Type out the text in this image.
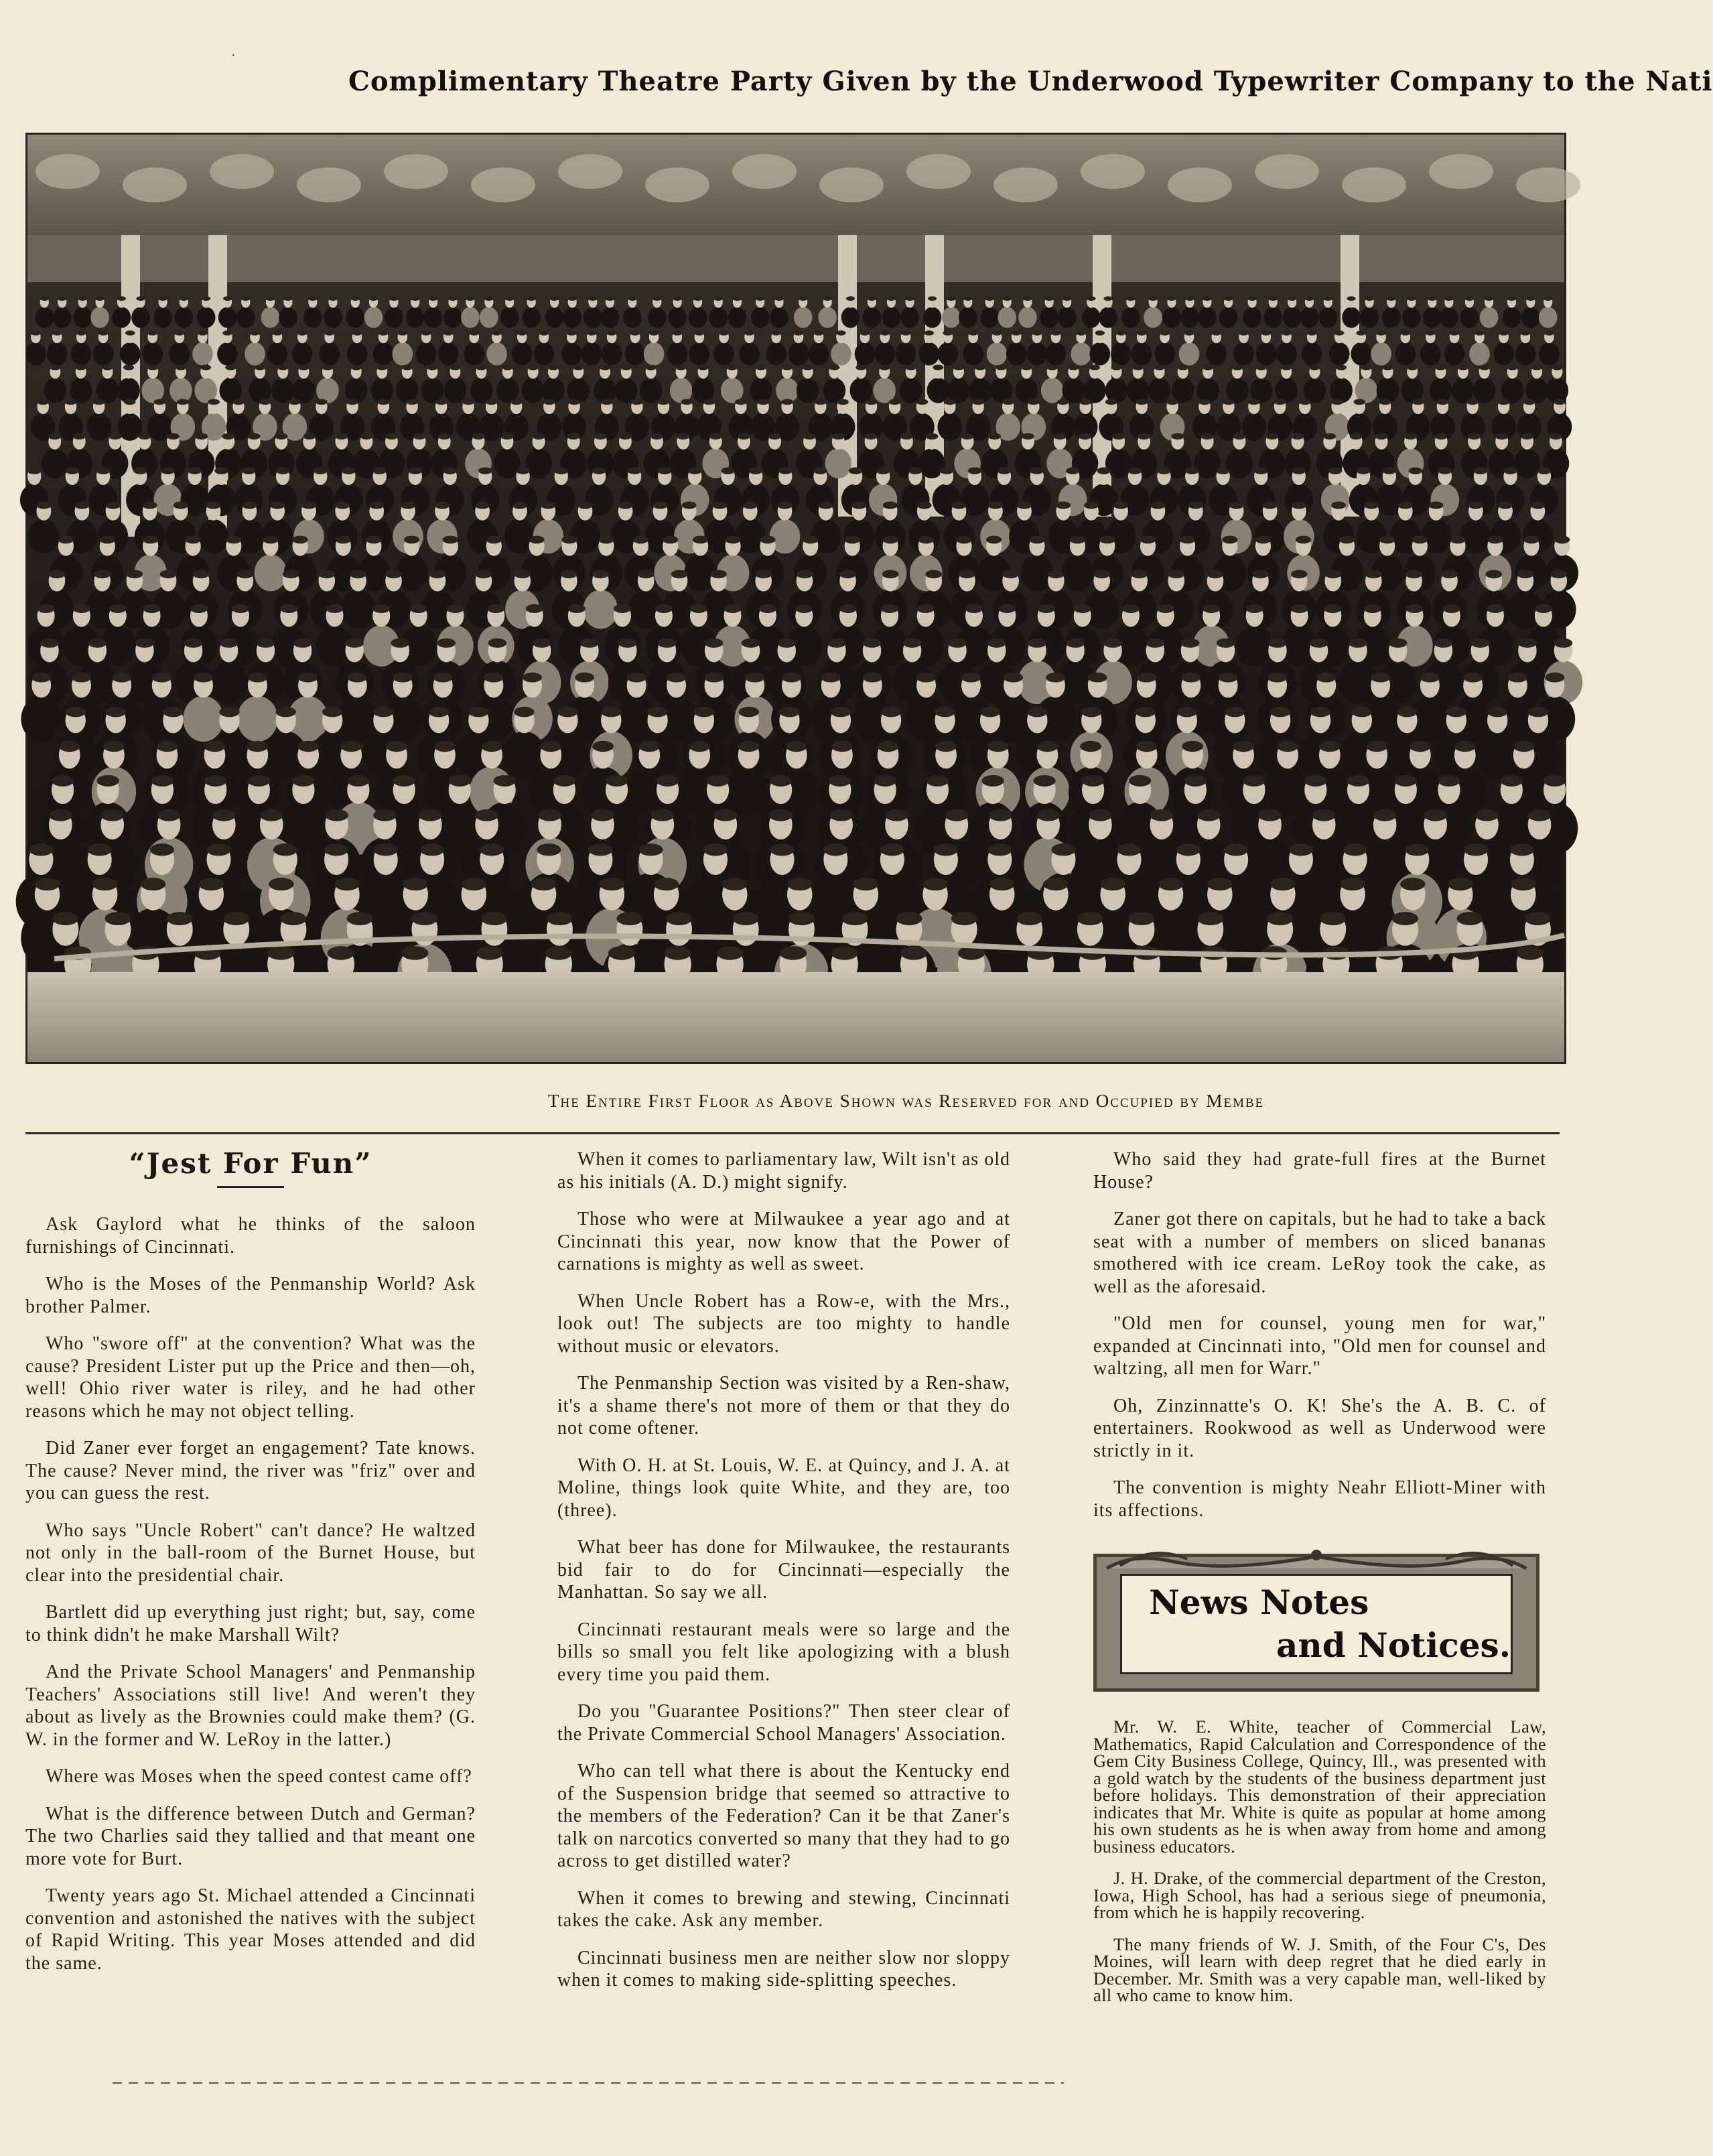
·
Complimentary Theatre Party Given by the Underwood Typewriter Company to the Nati
The Entire First Floor as Above Shown was Reserved for and Occupied by Membe
“Jest For Fun”

Ask Gaylord what he thinks of the saloon furnishings of Cincinnati.

Who is the Moses of the Penmanship World? Ask brother Palmer.

Who "swore off" at the convention? What was the cause? President Lister put up the Price and then—oh, well! Ohio river water is riley, and he had other reasons which he may not object telling.

Did Zaner ever forget an engagement? Tate knows. The cause? Never mind, the river was "friz" over and you can guess the rest.

Who says "Uncle Robert" can't dance? He waltzed not only in the ball-room of the Burnet House, but clear into the presidential chair.

Bartlett did up everything just right; but, say, come to think didn't he make Marshall Wilt?

And the Private School Managers' and Penmanship Teachers' Associations still live! And weren't they about as lively as the Brownies could make them? (G. W. in the former and W. LeRoy in the latter.)

Where was Moses when the speed contest came off?

What is the difference between Dutch and German? The two Charlies said they tallied and that meant one more vote for Burt.

Twenty years ago St. Michael attended a Cincinnati convention and astonished the natives with the subject of Rapid Writing. This year Moses attended and did the same.

When it comes to parliamentary law, Wilt isn't as old as his initials (A. D.) might signify.

Those who were at Milwaukee a year ago and at Cincinnati this year, now know that the Power of carnations is mighty as well as sweet.

When Uncle Robert has a Row-e, with the Mrs., look out! The subjects are too mighty to handle without music or elevators.

The Penmanship Section was visited by a Ren-shaw, it's a shame there's not more of them or that they do not come oftener.

With O. H. at St. Louis, W. E. at Quincy, and J. A. at Moline, things look quite White, and they are, too (three).

What beer has done for Milwaukee, the restaurants bid fair to do for Cincinnati—especially the Manhattan. So say we all.

Cincinnati restaurant meals were so large and the bills so small you felt like apologizing with a blush every time you paid them.

Do you "Guarantee Positions?" Then steer clear of the Private Commercial School Managers' Association.

Who can tell what there is about the Kentucky end of the Suspension bridge that seemed so attractive to the members of the Federation? Can it be that Zaner's talk on narcotics converted so many that they had to go across to get distilled water?

When it comes to brewing and stewing, Cincinnati takes the cake. Ask any member.

Cincinnati business men are neither slow nor sloppy when it comes to making side-splitting speeches.

Who said they had grate-full fires at the Burnet House?

Zaner got there on capitals, but he had to take a back seat with a number of members on sliced bananas smothered with ice cream. LeRoy took the cake, as well as the aforesaid.

"Old men for counsel, young men for war," expanded at Cincinnati into, "Old men for counsel and waltzing, all men for Warr."

Oh, Zinzinnatte's O. K! She's the A. B. C. of entertainers. Rookwood as well as Underwood were strictly in it.

The convention is mighty Neahr Elliott-Miner with its affections.

News Notes
and Notices.

Mr. W. E. White, teacher of Commercial Law, Mathematics, Rapid Calculation and Correspondence of the Gem City Business College, Quincy, Ill., was presented with a gold watch by the students of the business department just before holidays. This demonstration of their appreciation indicates that Mr. White is quite as popular at home among his own students as he is when away from home and among business educators.

J. H. Drake, of the commercial department of the Creston, Iowa, High School, has had a serious siege of pneumonia, from which he is happily recovering.

The many friends of W. J. Smith, of the Four C's, Des Moines, will learn with deep regret that he died early in December. Mr. Smith was a very capable man, well-liked by all who came to know him.
